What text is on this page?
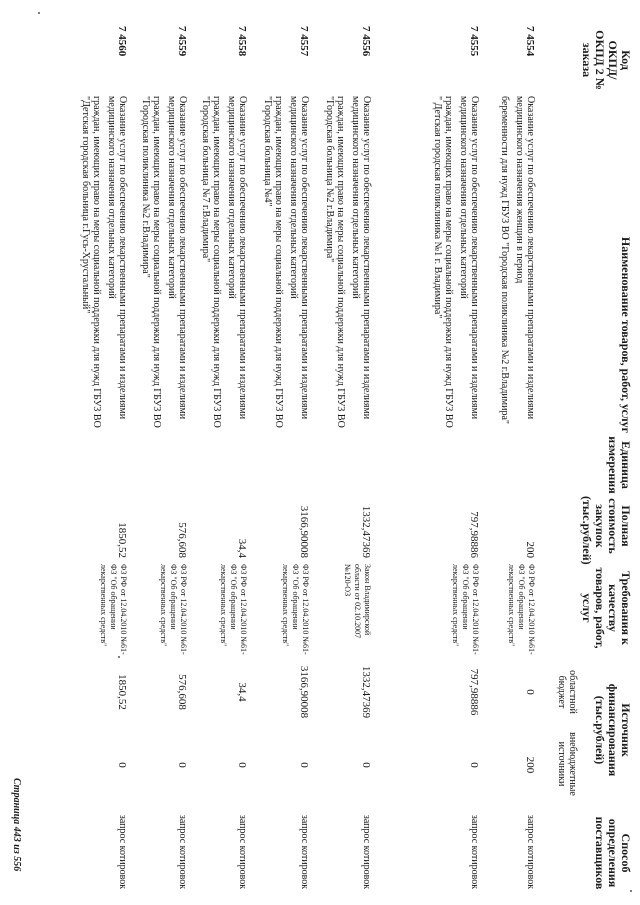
Код ОКПД/ ОКПД 2 № заказа
Наименование товаров, работ, услуг
Единица измерения
Полная стоимость закупок (тыс.рублей)
Требования к качеству товаров, работ, услуг
Источник финансирования (тыс.рублей)
областной бюджет
внебюджетные источники
Способ определения поставщиков
7 4554

Оказание услуг по обеспечению лекарственными препаратами и изделиями медицинского назначения женщин в период

беременности для нужд ГБУЗ ВО "Городская поликлиника №2 г.Владимира"

200
ФЗ РФ от 12.04.2010 №61-ФЗ "Об обращении лекарственных средств"
0
200
запрос котировок
7 4555

Оказание услуг по обеспечению лекарственными препаратами и изделиями медицинского назначения отдельных категорий

граждан, имеющих право на меры социальной поддержки для нужд ГБУЗ ВО " Детская городская поликлиника №1 г. Владимира"

797,98886
ФЗ РФ от 12.04.2010 №61-ФЗ "Об обращении лекарственных средств"
797,98886
0
запрос котировок
7 4556

Оказание услуг по обеспечению лекарственными препаратами и изделиями медицинского назначения отдельных категорий

граждан, имеющих право на меры социальной поддержки для нужд ГБУЗ ВО "Городская больница №2 г.Владимира"

1332,47369
Закон Владимирской области от 02.10.2007 №120-ОЗ
1332,47369
0
запрос котировок
7 4557

Оказание услуг по обеспечению лекарственными препаратами и изделиями медицинского назначения отдельных категорий

граждан, имеющих право на меры социальной поддержки для нужд ГБУЗ ВО "Городская больница №4"

3166,90008
ФЗ РФ от 12.04.2010 №61-ФЗ "Об обращении лекарственных средств"
3166,90008
0
запрос котировок
7 4558

Оказание услуг по обеспечению лекарственными препаратами и изделиями медицинского назначения отдельных категорий

граждан, имеющих право на меры социальной поддержки для нужд ГБУЗ ВО "Городская больница №7 г.Владимира"

34,4
ФЗ РФ от 12.04.2010 №61-ФЗ "Об обращении лекарственных средств"
34,4
0
запрос котировок
7 4559

Оказание услуг по обеспечению лекарственными препаратами и изделиями медицинского назначения отдельных категорий

граждан, имеющих право на меры социальной поддержки для нужд ГБУЗ ВО "Городская поликлиника №2 г.Владимира"

576,608
ФЗ РФ от 12.04.2010 №61-ФЗ "Об обращении лекарственных средств"
576,608
0
запрос котировок
7 4560

Оказание услуг по обеспечению лекарственными препаратами и изделиями медицинского назначения отдельных категорий

граждан, имеющих право на меры социальной поддержки для нужд ГБУЗ ВО "Детская городская больница г.Гусь-Хрустальный"

1850,52
ФЗ РФ от 12.04.2010 №61-ФЗ "Об обращении лекарственных средств"
1850,52
0
запрос котировок
Страница 443 из 556
